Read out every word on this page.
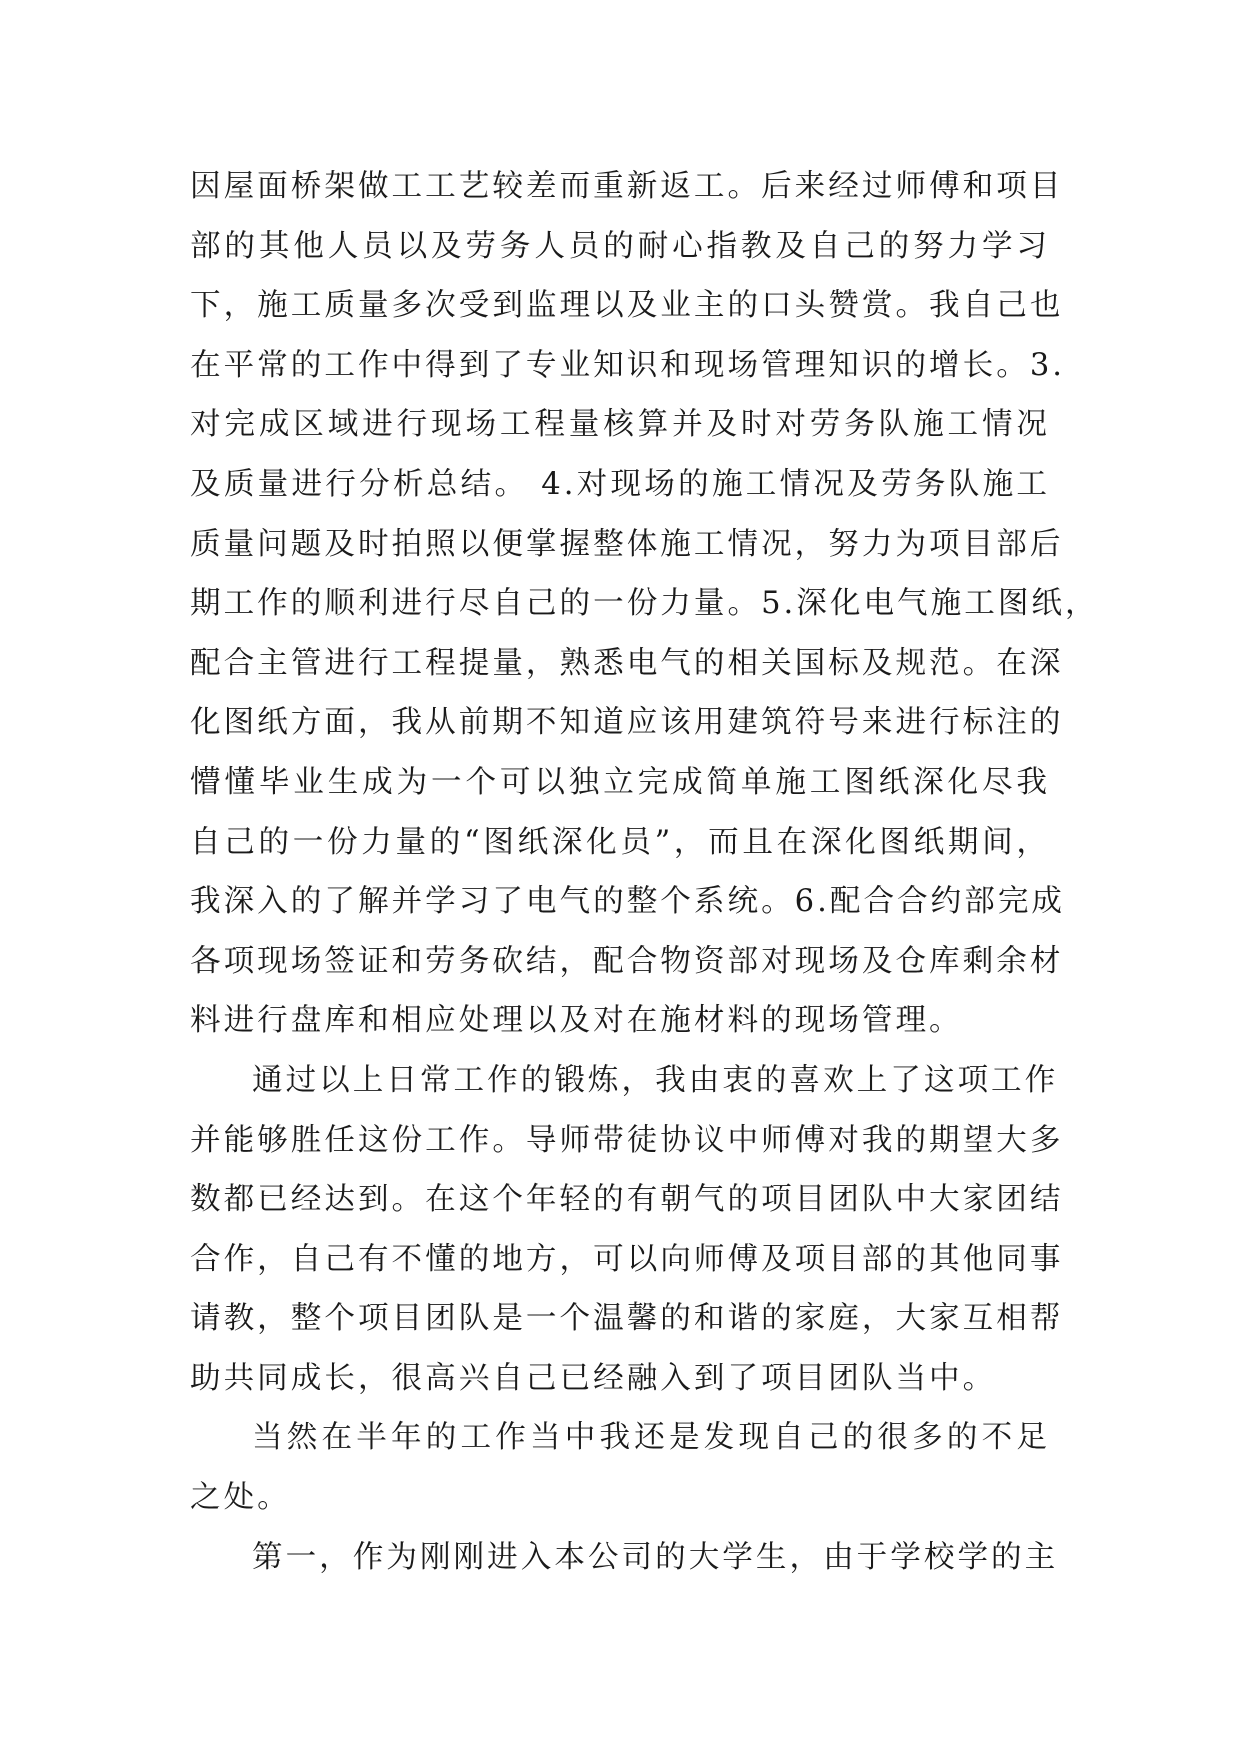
因屋面桥架做工工艺较差而重新返工。后来经过师傅和项目
部的其他人员以及劳务人员的耐心指教及自己的努力学习
下，施工质量多次受到监理以及业主的口头赞赏。我自己也
在平常的工作中得到了专业知识和现场管理知识的增长。3.
对完成区域进行现场工程量核算并及时对劳务队施工情况
及质量进行分析总结。 4.对现场的施工情况及劳务队施工
质量问题及时拍照以便掌握整体施工情况，努力为项目部后
期工作的顺利进行尽自己的一份力量。5.深化电气施工图纸，
配合主管进行工程提量，熟悉电气的相关国标及规范。在深
化图纸方面，我从前期不知道应该用建筑符号来进行标注的
懵懂毕业生成为一个可以独立完成简单施工图纸深化尽我
自己的一份力量的“图纸深化员”，而且在深化图纸期间，
我深入的了解并学习了电气的整个系统。6.配合合约部完成
各项现场签证和劳务砍结，配合物资部对现场及仓库剩余材
料进行盘库和相应处理以及对在施材料的现场管理。
通过以上日常工作的锻炼，我由衷的喜欢上了这项工作
并能够胜任这份工作。导师带徒协议中师傅对我的期望大多
数都已经达到。在这个年轻的有朝气的项目团队中大家团结
合作，自己有不懂的地方，可以向师傅及项目部的其他同事
请教，整个项目团队是一个温馨的和谐的家庭，大家互相帮
助共同成长，很高兴自己已经融入到了项目团队当中。
当然在半年的工作当中我还是发现自己的很多的不足
之处。
第一，作为刚刚进入本公司的大学生，由于学校学的主
